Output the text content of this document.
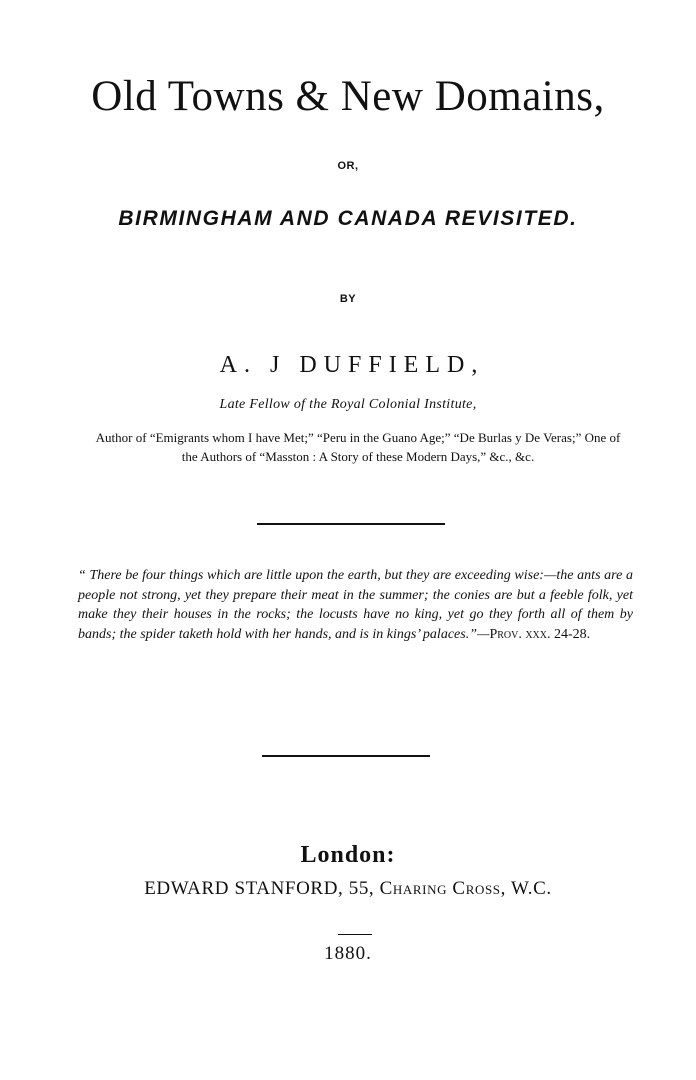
Old Towns & New Domains,
OR,
BIRMINGHAM AND CANADA REVISITED.
BY
A. J DUFFIELD,
Late Fellow of the Royal Colonial Institute,
Author of “Emigrants whom I have Met;” “Peru in the Guano Age;” “De Burlas y De Veras;” One of the Authors of “Masston : A Story of these Modern Days,” &c., &c.
“ There be four things which are little upon the earth, but they are exceeding wise:—the ants are a people not strong, yet they prepare their meat in the summer; the conies are but a feeble folk, yet make they their houses in the rocks; the locusts have no king, yet go they forth all of them by bands; the spider taketh hold with her hands, and is in kings’ palaces.”—Prov. xxx. 24-28.
London:
EDWARD STANFORD, 55, Charing Cross, W.C.
1880.
